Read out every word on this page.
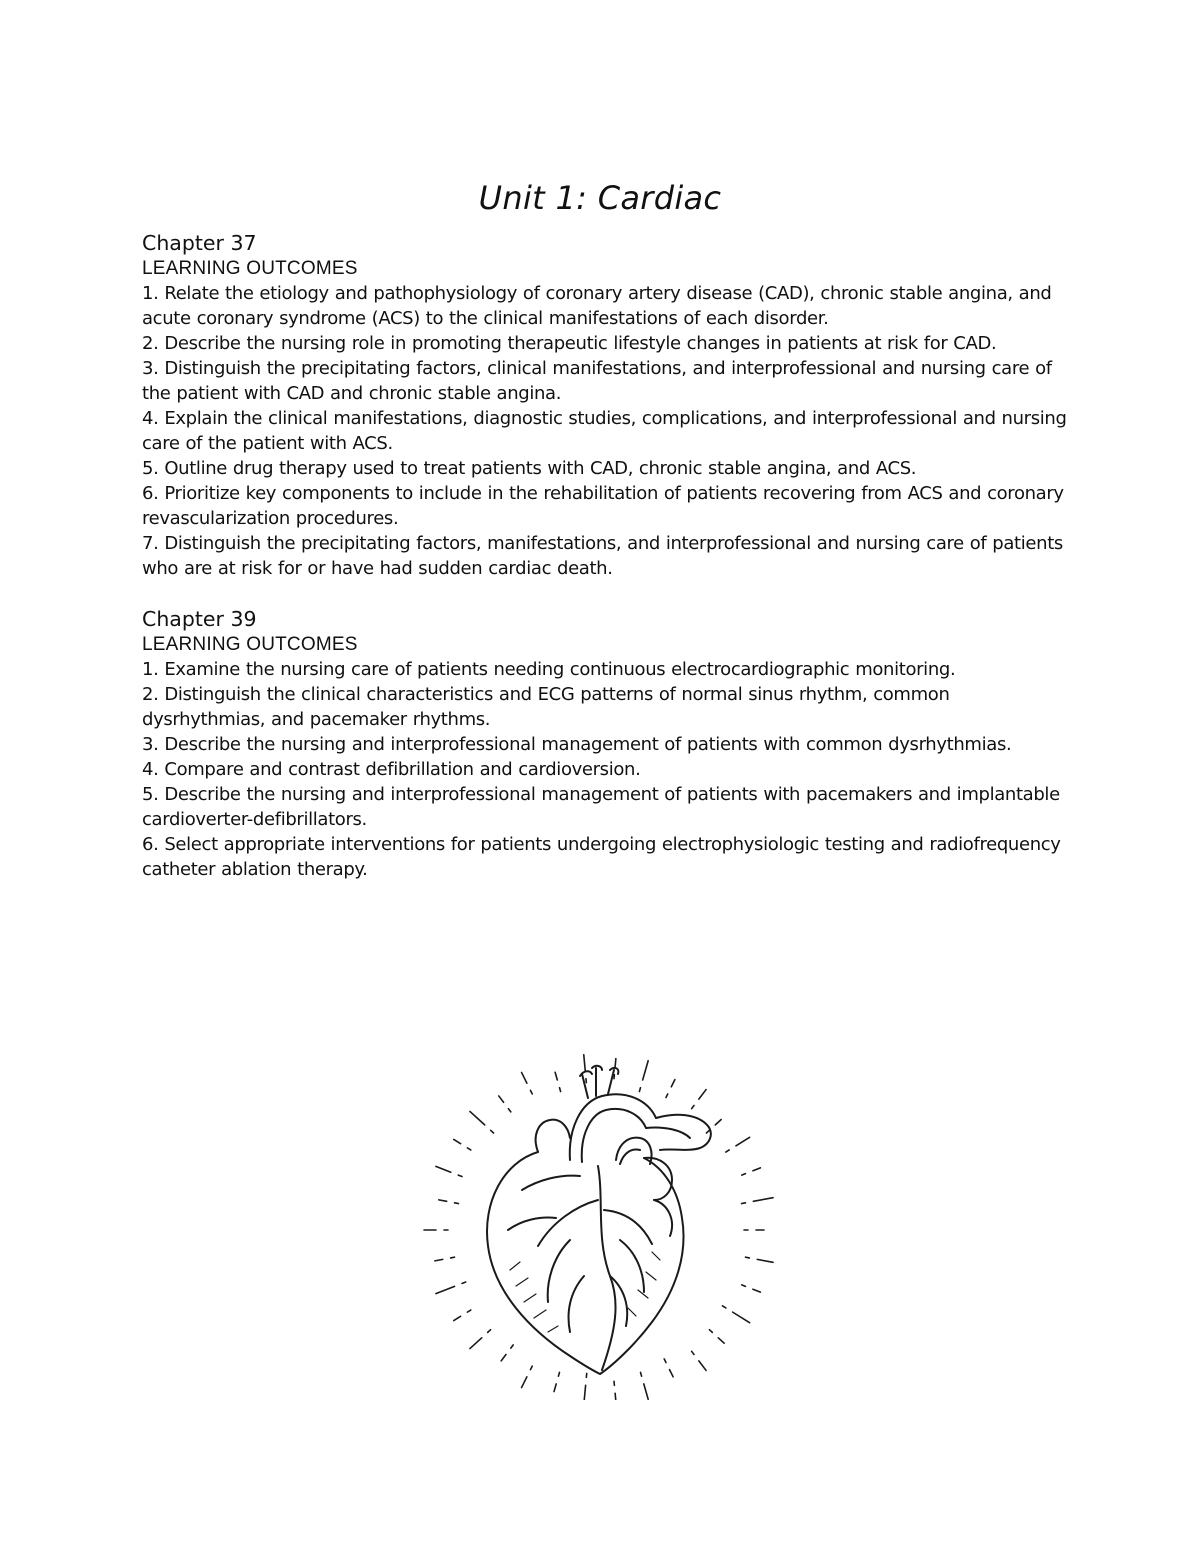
Unit 1: Cardiac
Chapter 37

LEARNING OUTCOMES

1. Relate the etiology and pathophysiology of coronary artery disease (CAD), chronic stable angina, and acute coronary syndrome (ACS) to the clinical manifestations of each disorder.

2. Describe the nursing role in promoting therapeutic lifestyle changes in patients at risk for CAD.

3. Distinguish the precipitating factors, clinical manifestations, and interprofessional and nursing care of the patient with CAD and chronic stable angina.

4. Explain the clinical manifestations, diagnostic studies, complications, and interprofessional and nursing care of the patient with ACS.

5. Outline drug therapy used to treat patients with CAD, chronic stable angina, and ACS.

6. Prioritize key components to include in the rehabilitation of patients recovering from ACS and coronary revascularization procedures.

7. Distinguish the precipitating factors, manifestations, and interprofessional and nursing care of patients who are at risk for or have had sudden cardiac death.

Chapter 39

LEARNING OUTCOMES

1. Examine the nursing care of patients needing continuous electrocardiographic monitoring.

2. Distinguish the clinical characteristics and ECG patterns of normal sinus rhythm, common dysrhythmias, and pacemaker rhythms.

3. Describe the nursing and interprofessional management of patients with common dysrhythmias.

4. Compare and contrast defibrillation and cardioversion.

5. Describe the nursing and interprofessional management of patients with pacemakers and implantable cardioverter-defibrillators.

6. Select appropriate interventions for patients undergoing electrophysiologic testing and radiofrequency catheter ablation therapy.
